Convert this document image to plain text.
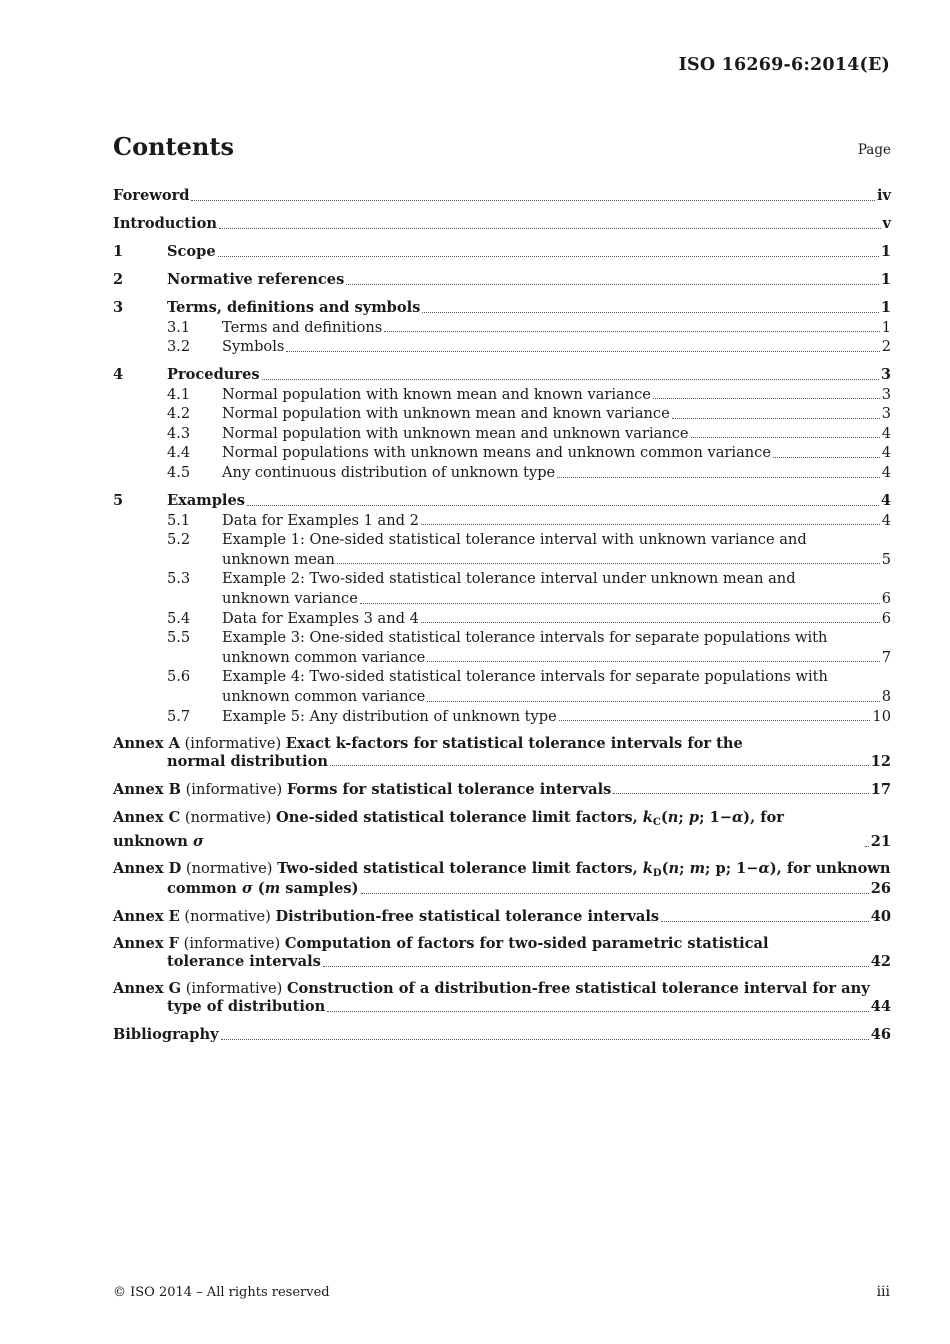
ISO 16269-6:2014(E)
Contents	Page
Foreword	iv
Introduction	v
1	Scope	1
2	Normative references	1
3	Terms, definitions and symbols	1
3.1	Terms and definitions	1
3.2	Symbols	2
4	Procedures	3
4.1	Normal population with known mean and known variance	3
4.2	Normal population with unknown mean and known variance	3
4.3	Normal population with unknown mean and unknown variance	4
4.4	Normal populations with unknown means and unknown common variance	4
4.5	Any continuous distribution of unknown type	4
5	Examples	4
5.1	Data for Examples 1 and 2	4
5.2	Example 1: One-sided statistical tolerance interval with unknown variance and
unknown mean	5
5.3	Example 2: Two-sided statistical tolerance interval under unknown mean and
unknown variance	6
5.4	Data for Examples 3 and 4	6
5.5	Example 3: One-sided statistical tolerance intervals for separate populations with
unknown common variance	7
5.6	Example 4: Two-sided statistical tolerance intervals for separate populations with
unknown common variance	8
5.7	Example 5: Any distribution of unknown type	10
Annex A (informative) Exact k-factors for statistical tolerance intervals for the
normal distribution	12
Annex B (informative) Forms for statistical tolerance intervals	17
Annex C (normative) One-sided statistical tolerance limit factors, $k_C(n$; p; 1−α), for unknown σ	21
Annex D (normative) Two-sided statistical tolerance limit factors, $k_D(n$; m; p; 1−α), for unknown
common σ (m samples)	26
Annex E (normative) Distribution-free statistical tolerance intervals	40
Annex F (informative) Computation of factors for two-sided parametric statistical
tolerance intervals	42
Annex G (informative) Construction of a distribution-free statistical tolerance interval for any
type of distribution	44
Bibliography	46
© ISO 2014 – All rights reserved	iii
